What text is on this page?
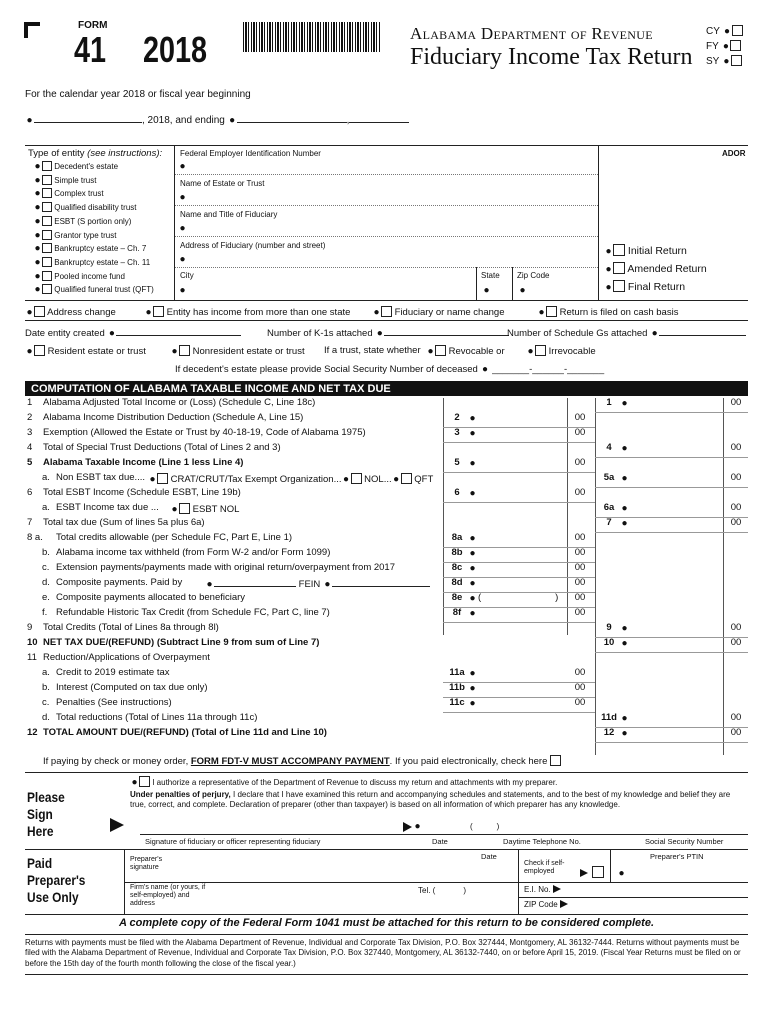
FORM
41 2018	Alabama Department of Revenue
Fiduciary Income Tax Return
CY ●
FY ●
SY ●
For the calendar year 2018 or fiscal year beginning
●	, 2018, and ending ●	,
Type of entity (see instructions):
● Decedent's estate
● Simple trust
● Complex trust
● Qualified disability trust
● ESBT (S portion only)
● Grantor type trust
● Bankruptcy estate – Ch. 7
● Bankruptcy estate – Ch. 11
● Pooled income fund
● Qualified funeral trust (QFT)
Federal Employer Identification Number	ADOR
●
Name of Estate or Trust
●
Name and Title of Fiduciary
●
Address of Fiduciary (number and street)
●
City	State Zip Code
●	●	●
● Initial Return
● Amended Return
● Final Return
● Address change	● Entity has income from more than one state ● Fiduciary or name change	● Return is filed on cash basis
Date entity created ●	Number of K-1s attached ●	Number of Schedule Gs attached ●
● Resident estate or trust	● Nonresident estate or trust If a trust, state whether ● Revocable or ● Irrevocable
If decedent's estate please provide Social Security Number of deceased ● _______-______-_______
COMPUTATION OF ALABAMA TAXABLE INCOME AND NET TAX DUE
1 Alabama Adjusted Total Income or (Loss) (Schedule C, Line 18c)	1 ●	00
2 Alabama Income Distribution Deduction (Schedule A, Line 15)	2 ●	00
3 Exemption (Allowed the Estate or Trust by 40-18-19, Code of Alabama 1975)	3 ●	00
4 Total of Special Trust Deductions (Total of Lines 2 and 3)	4 ●	00
5 Alabama Taxable Income (Line 1 less Line 4)	5 ●	00
a. Non ESBT tax due....	5a ●	00
6 Total ESBT Income (Schedule ESBT, Line 19b)	6 ●	00
a. ESBT Income tax due ...	6a ●	00
7 Total tax due (Sum of lines 5a plus 6a)	7 ●	00
8 a. Total credits allowable (per Schedule FC, Part E, Line 1)	8a ●	00
b. Alabama income tax withheld (from Form W-2 and/or Form 1099)	8b ●	00
c. Extension payments/payments made with original return/overpayment from 2017	8c ●	00
d. Composite payments. Paid by	8d ●	00
e. Composite payments allocated to beneficiary	8e ●	00
f. Refundable Historic Tax Credit (from Schedule FC, Part C, line 7)	8f ●	00
9 Total Credits (Total of Lines 8a through 8l)	9 ●	00
10 NET TAX DUE/(REFUND) (Subtract Line 9 from sum of Line 7)	10 ●	00
11 Reduction/Applications of Overpayment
a. Credit to 2019 estimate tax	11a ●	00
b. Interest (Computed on tax due only)	11b ●	00
c. Penalties (See instructions)	11c ●	00
d. Total reductions (Total of Lines 11a through 11c)	11d ●	00
12 TOTAL AMOUNT DUE/(REFUND) (Total of Line 11d and Line 10)	12 ●	00
● CRAT/CRUT/Tax Exempt Organization...● NOL...● QFT
● ESBT NOL
●	FEIN ●
(	)
If paying by check or money order, FORM FDT-V MUST ACCOMPANY PAYMENT. If you paid electronically, check here
● I authorize a representative of the Department of Revenue to discuss my return and attachments with my preparer.
Under penalties of perjury, I declare that I have examined this return and accompanying schedules and statements, and to the best of my knowledge and belief they are true, correct, and complete. Declaration of preparer (other than taxpayer) is based on all information of which preparer has any knowledge.
Please
Sign
Here	●	(	)
Signature of fiduciary or officer representing fiduciary	Date	Daytime Telephone No.	Social Security Number
Paid
Preparer's
Use Only
Preparer's signature
Date
Check if self-employed
Preparer's PTIN
●
Firm's name (or yours, if self-employed) and address
Tel. (	)	E.I. No.
ZIP Code
A complete copy of the Federal Form 1041 must be attached for this return to be considered complete.
Returns with payments must be filed with the Alabama Department of Revenue, Individual and Corporate Tax Division, P.O. Box 327444, Montgomery, AL 36132-7444. Returns without payments must be filed with the Alabama Department of Revenue, Individual and Corporate Tax Division, P.O. Box 327440, Montgomery, AL 36132-7440, on or before April 15, 2019. (Fiscal Year Returns must be filed on or before the 15th day of the fourth month following the close of the fiscal year.)
